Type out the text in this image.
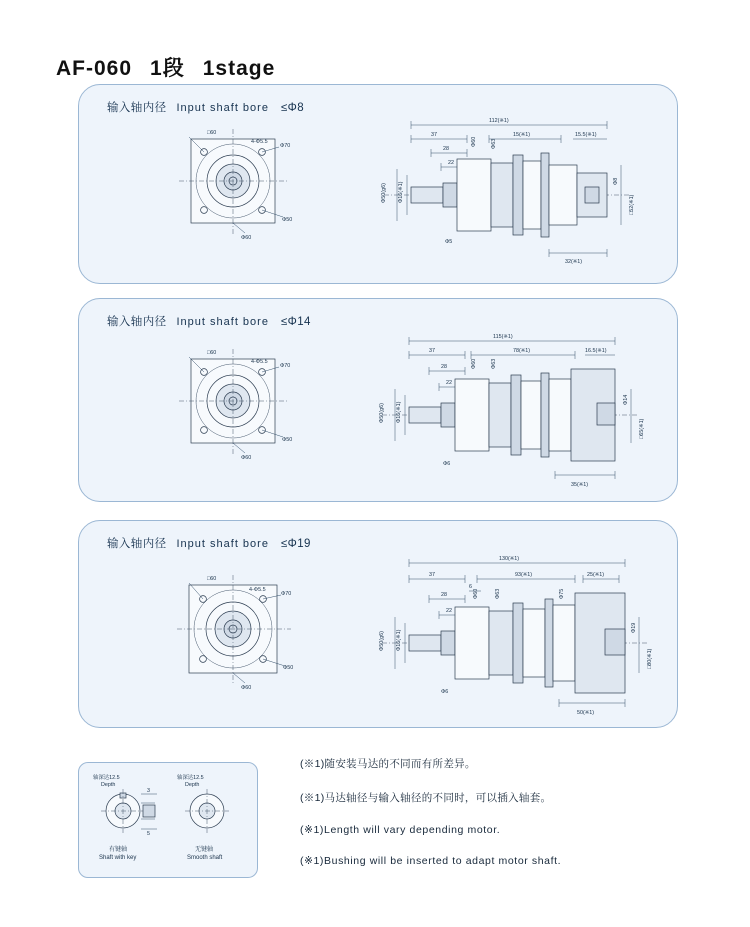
AF-060 1段 1stage
输入轴内径 Input shaft bore ≤Φ8
□60
4-Φ5.5
Φ70
Φ50
Φ60
112(※1)
37	15(※1)
28
22
15.5(※1)
Φ50(g6) Φ16(※1)
Φ60	Φ63
Φ8
□52(※1)
Φ5
32(※1)
输入轴内径 Input shaft bore ≤Φ14
□60
4-Φ5.5
Φ70
Φ50
Φ60
115(※1)
37	78(※1)
28
22
16.5(※1)
Φ50(g6) Φ16(※1)
Φ60	Φ63
Φ14
□65(※1)
Φ6
35(※1)
输入轴内径 Input shaft bore ≤Φ19
□60
4-Φ5.5
Φ70
Φ50
Φ60
130(※1)
37	93(※1)	25(※1)
6
28
22
Φ50(g6) Φ16(※1)
Φ60	Φ63	Φ75
Φ19
□80(※1)
Φ6
50(※1)
3
5
轴深达12.5
Depth
轴深达12.5
Depth
有键轴
Shaft with key
无键轴
Smooth shaft
(※1)随安装马达的不同而有所差异。
(※1)马达轴径与输入轴径的不同时，可以插入轴套。
(※1)Length will vary depending motor.
(※1)Bushing will be inserted to adapt motor shaft.
